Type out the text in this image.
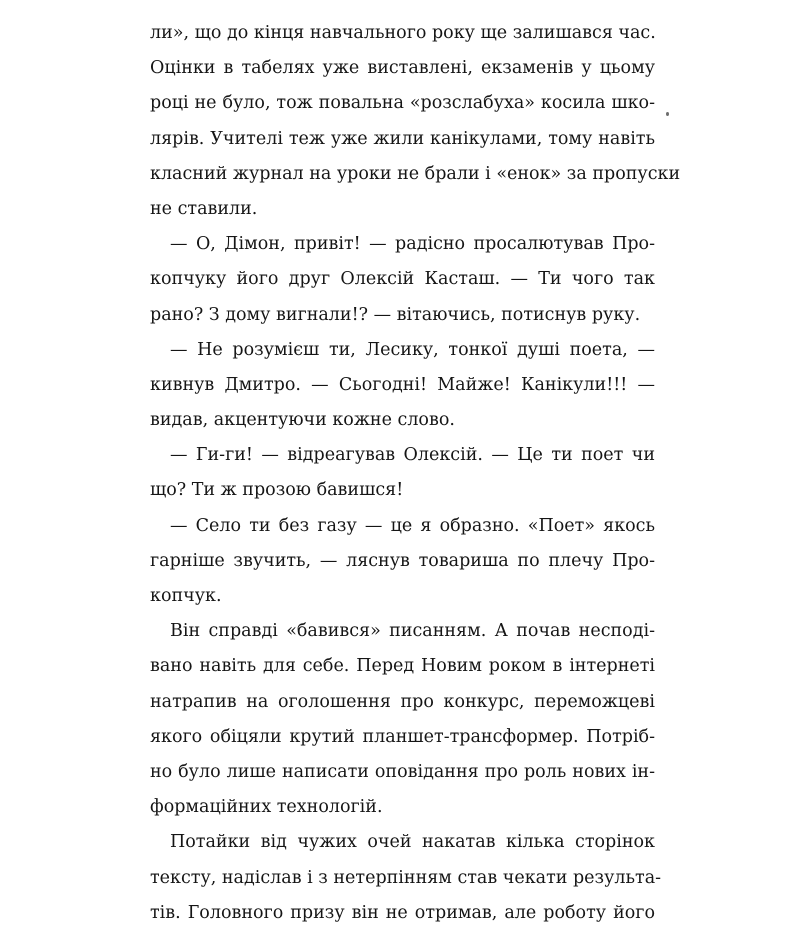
ли», що до кінця навчального року ще залишався час.
Оцінки в табелях уже виставлені, екзаменів у цьому
році не було, тож повальна «розслабуха» косила шко-
лярів. Учителі теж уже жили канікулами, тому навіть
класний журнал на уроки не брали і «енок» за пропуски
не ставили.
— О, Дімон, привіт! — радісно просалютував Про-
копчуку його друг Олексій Касташ. — Ти чого так
рано? З дому вигнали!? — вітаючись, потиснув руку.
— Не розумієш ти, Лесику, тонкої душі поета, —
кивнув Дмитро. — Сьогодні! Майже! Канікули!!! —
видав, акцентуючи кожне слово.
— Ги-ги! — відреагував Олексій. — Це ти поет чи
що? Ти ж прозою бавишся!
— Село ти без газу — це я образно. «Поет» якось
гарніше звучить, — ляснув товариша по плечу Про-
копчук.
Він справді «бавився» писанням. А почав несподі-
вано навіть для себе. Перед Новим роком в інтернеті
натрапив на оголошення про конкурс, переможцеві
якого обіцяли крутий планшет-трансформер. Потріб-
но було лише написати оповідання про роль нових ін-
формаційних технологій.
Потайки від чужих очей накатав кілька сторінок
тексту, надіслав і з нетерпінням став чекати результа-
тів. Головного призу він не отримав, але роботу його
